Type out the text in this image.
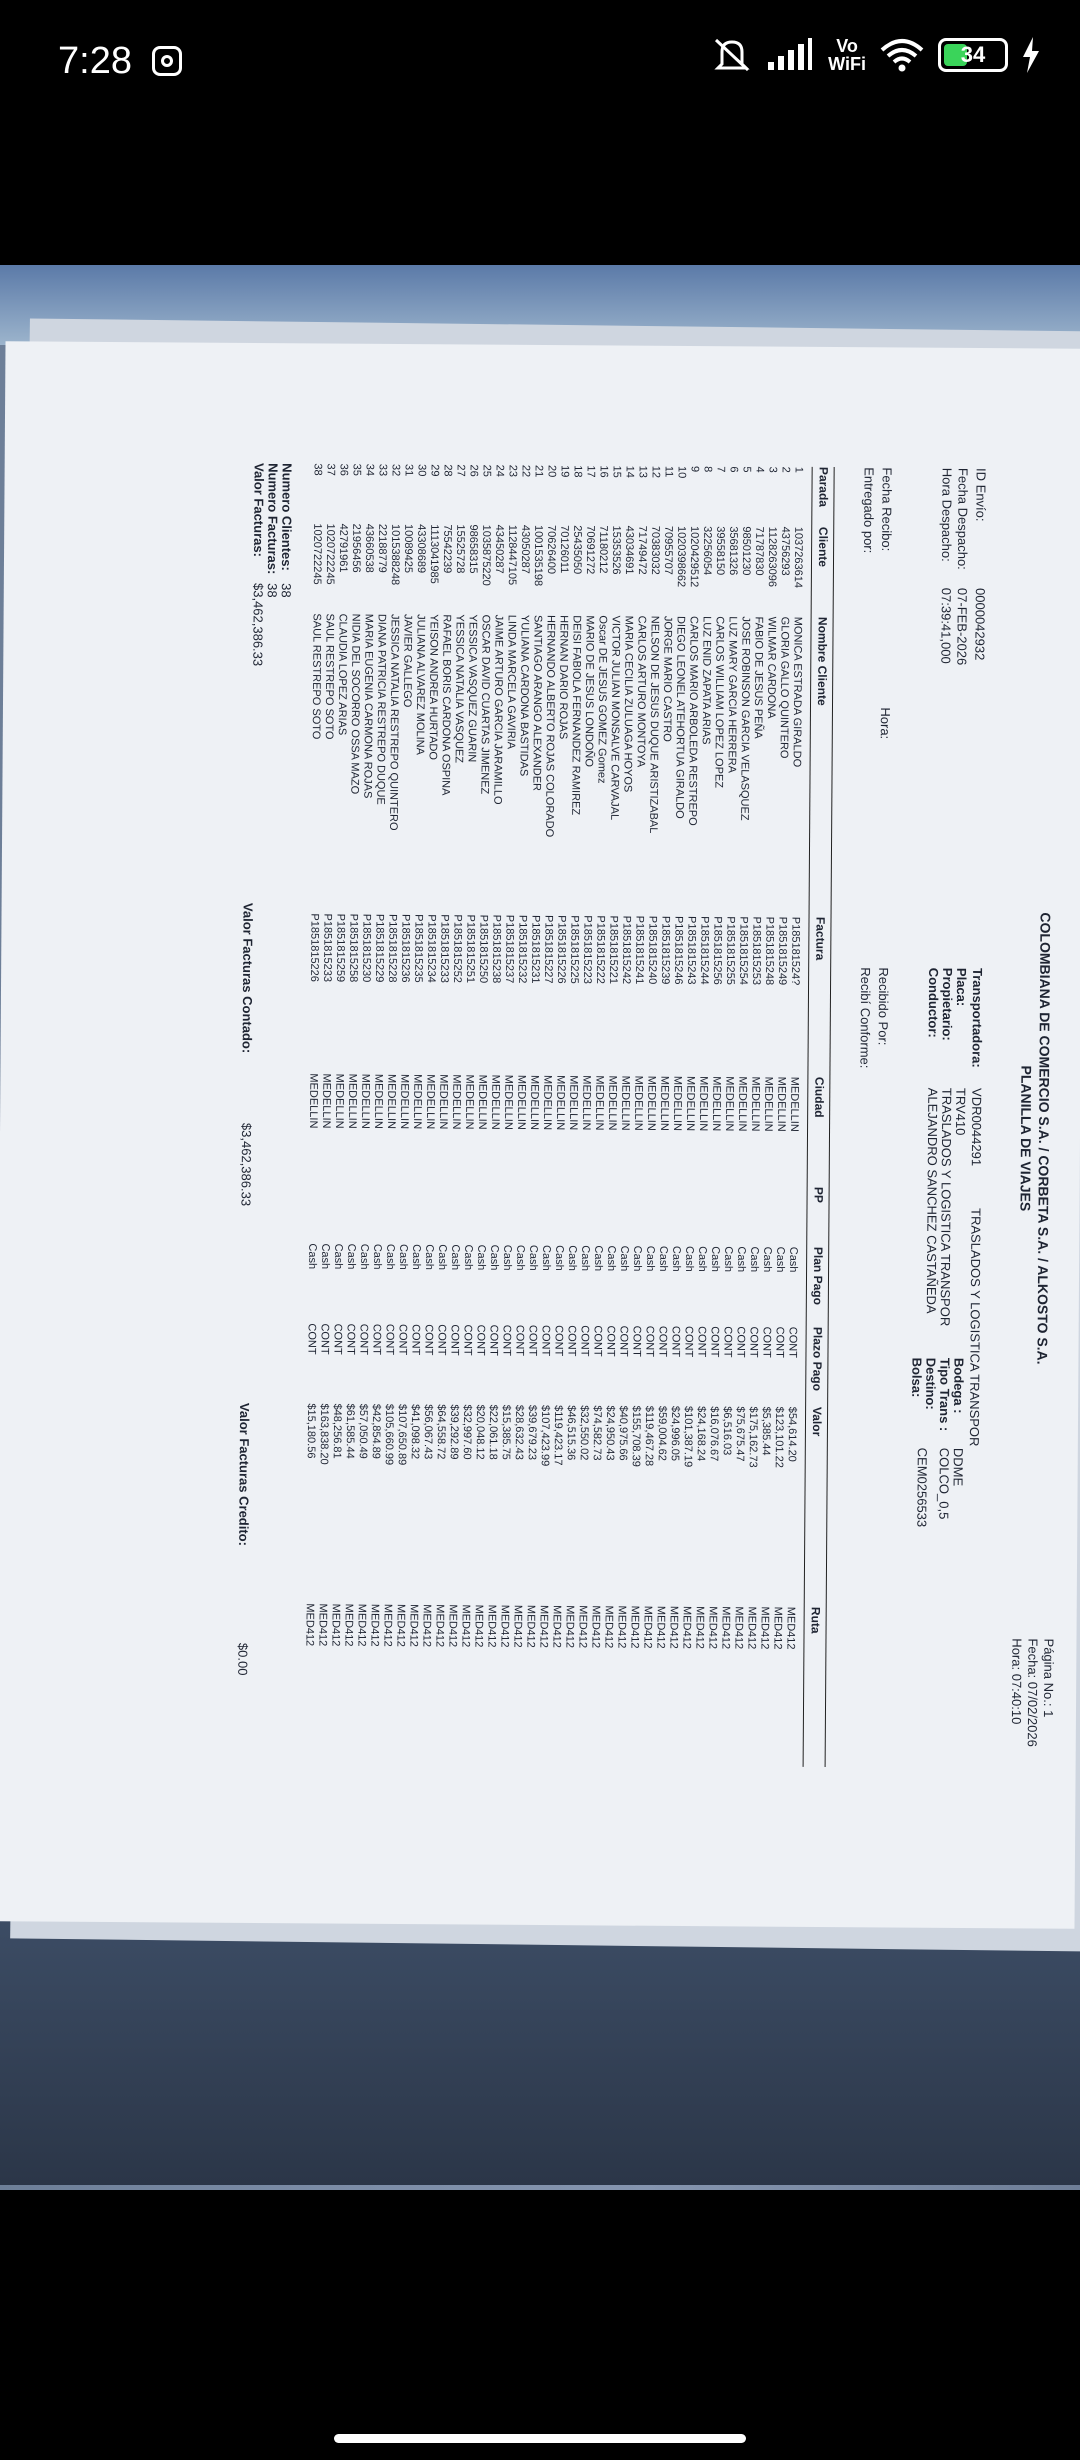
7:28	Vo
WiFi	34
COLOMBIANA DE COMERCIO S.A. / CORBETA S.A. / ALKOSTO S.A.
PLANILLA DE VIAJES
Página No.: 1
Fecha: 07/02/2026
Hora: 07:40:10
ID Envío:
0000042932
Fecha Despacho:
07-FEB-2026
Hora Despacho:
07:39:41,000
Transportadora:
VDR0044291
TRASLADOS Y LOGISTICA TRANSPOR
Placa:
TRV410
Propietario:
TRASLADOS Y LOGISTICA TRANSPOR
Conductor:
ALEJANDRO SANCHEZ CASTAÑEDA
Bodega :
DDME
Tipo Trans :
COLCO_0,5
Destino:
Bolsa:
CEM0256533
Fecha Recibo:
Hora:
Entregado por:
Recibido Por:
Recibí Conforme:
Parada
Cliente
Nombre Cliente
Factura
Ciudad
PP
Plan Pago
Plazo Pago
Valor
Ruta
1
1037263614
MONICA ESTRADA GIRALDO
P185181524?
MEDELLIN
Cash
CONT
$54,614.20
MED412
2
43756293
GLORIA GALLO QUINTERO
P1851815249
MEDELLIN
Cash
CONT
$123,101.22
MED412
3
1128263096
WILMAR CARDONA
P1851815248
MEDELLIN
Cash
CONT
$5,385.44
MED412
4
71787830
FABIO DE JESUS PEÑA
P1851815253
MEDELLIN
Cash
CONT
$175,162.73
MED412
5
98501230
JOSE ROBINSON GARCIA VELASQUEZ
P1851815254
MEDELLIN
Cash
CONT
$75,675.47
MED412
6
35681326
LUZ MARY GARCIA HERRERA
P1851815255
MEDELLIN
Cash
CONT
$6,516.03
MED412
7
39558150
CARLOS WILLIAM LOPEZ LOPEZ
P1851815256
MEDELLIN
Cash
CONT
$16,076.67
MED412
8
32256054
LUZ ENID ZAPATA ARIAS
P1851815244
MEDELLIN
Cash
CONT
$24,168.24
MED412
9
1020429512
CARLOS MARIO ARBOLEDA RESTREPO
P1851815243
MEDELLIN
Cash
CONT
$101,387.19
MED412
10
1020398662
DIEGO LEONEL ATEHORTUA GIRALDO
P1851815246
MEDELLIN
Cash
CONT
$24,996.05
MED412
11
70955707
JORGE MARIO CASTRO
P1851815239
MEDELLIN
Cash
CONT
$59,004.62
MED412
12
70383032
NELSON DE JESUS DUQUE ARISTIZABAL
P1851815240
MEDELLIN
Cash
CONT
$119,467.28
MED412
13
71749472
CARLOS ARTURO MONTOYA
P1851815241
MEDELLIN
Cash
CONT
$155,708.39
MED412
14
43034691
MARIA CECILIA ZULUAGA HOYOS
P1851815242
MEDELLIN
Cash
CONT
$40,975.66
MED412
15
15353526
VICTOR JULIAN MONSALVE CARVAJAL
P1851815221
MEDELLIN
Cash
CONT
$24,950.43
MED412
16
71180212
Oscar DE JESUS GOMEZ Gomez
P1851815222
MEDELLIN
Cash
CONT
$74,582.73
MED412
17
70691272
MARIO DE JESUS LONDOÑO
P1851815223
MEDELLIN
Cash
CONT
$32,550.02
MED412
18
25435050
DEISI FABIOLA FERNANDEZ RAMIREZ
P1851815225
MEDELLIN
Cash
CONT
$46,515.36
MED412
19
70126011
HERNAN DARIO ROJAS
P1851815226
MEDELLIN
Cash
CONT
$119,423.17
MED412
20
70626400
HERNANDO ALBERTO ROJAS COLORADO
P1851815227
MEDELLIN
Cash
CONT
$107,423.99
MED412
21
1001535198
SANTIAGO ARANGO ALEXANDER
P1851815231
MEDELLIN
Cash
CONT
$39,679.23
MED412
22
43050287
YULIANA CARDONA BASTIDAS
P1851815232
MEDELLIN
Cash
CONT
$28,632.43
MED412
23
1128447105
LINDA MARCELA GAVIRIA
P1851815237
MEDELLIN
Cash
CONT
$15,385.75
MED412
24
43450287
JAIME ARTURO GARCIA JARAMILLO
P1851815238
MEDELLIN
Cash
CONT
$22,061.18
MED412
25
1035875220
OSCAR DAVID CUARTAS JIMENEZ
P1851815250
MEDELLIN
Cash
CONT
$20,048.12
MED412
26
98658315
YESSICA VASQUEZ GUARIN
P1851815251
MEDELLIN
Cash
CONT
$32,997.60
MED412
27
15525728
YESSICA NATALIA VASQUEZ
P1851815252
MEDELLIN
Cash
CONT
$39,292.89
MED412
28
75542239
RAFAEL BORIS CARDONA OSPINA
P1851815233
MEDELLIN
Cash
CONT
$64,558.72
MED412
29
1113041985
YEISON ANDREA HURTADO
P1851815234
MEDELLIN
Cash
CONT
$56,067.43
MED412
30
43308689
JULIANA ALVAREZ MOLINA
P1851815235
MEDELLIN
Cash
CONT
$41,098.32
MED412
31
10089425
JAVIER GALLEGO
P1851815236
MEDELLIN
Cash
CONT
$107,650.89
MED412
32
1015388248
JESSICA NATALIA RESTREPO QUINTERO
P1851815228
MEDELLIN
Cash
CONT
$105,660.99
MED412
33
22188779
DIANA PATRICIA RESTREPO DUQUE
P1851815229
MEDELLIN
Cash
CONT
$42,854.89
MED412
34
43660538
MARIA EUGENIA CARMONA ROJAS
P1851815230
MEDELLIN
Cash
CONT
$57,050.49
MED412
35
21956456
NIDIA DEL SOCORRO OSSA MAZO
P1851815258
MEDELLIN
Cash
CONT
$61,585.44
MED412
36
42791961
CLAUDIA LOPEZ ARIAS
P1851815259
MEDELLIN
Cash
CONT
$48,256.81
MED412
37
1020722245
SAUL RESTREPO SOTO
P1851815233
MEDELLIN
Cash
CONT
$163,838.20
MED412
38
1020722245
SAUL RESTREPO SOTO
P1851815226
MEDELLIN
Cash
CONT
$15,180.56
MED412
Numero Clientes:
38
Numero Facturas:
38
Valor Facturas:
$3,462,386.33
Valor Facturas Contado:
$3,462,386.33
Valor Facturas Credito:
$0.00
